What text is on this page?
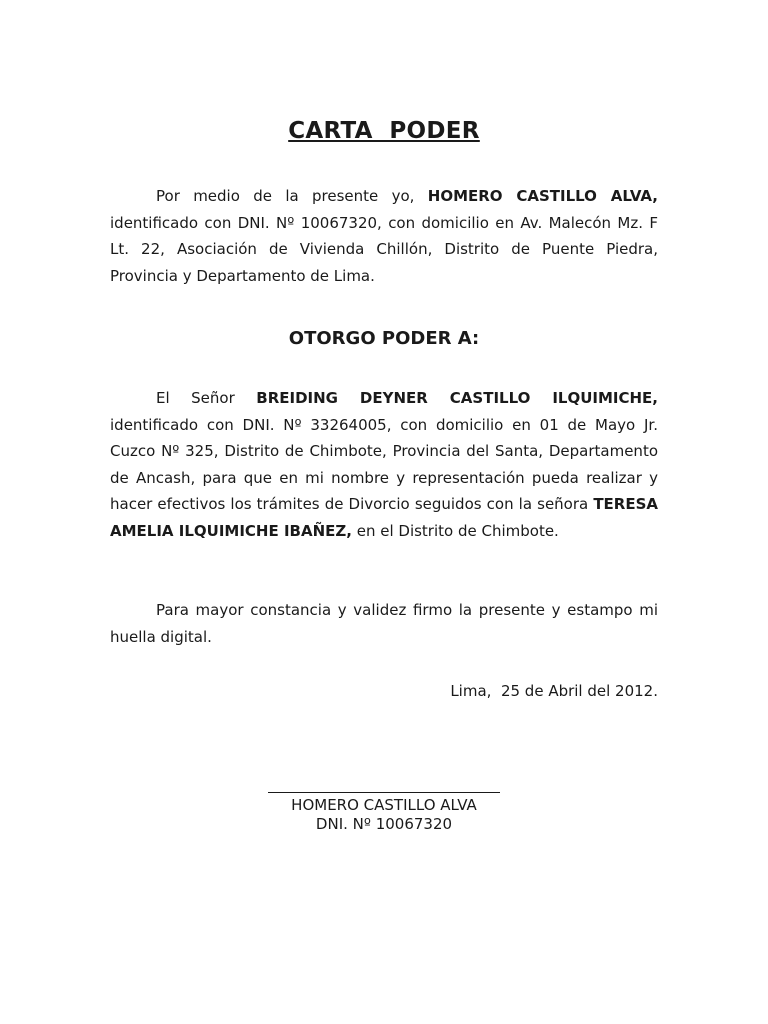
CARTA  PODER

Por medio de la presente yo, HOMERO CASTILLO ALVA, identificado con DNI. Nº 10067320, con domicilio en Av. Malecón Mz. F Lt. 22, Asociación de Vivienda Chillón, Distrito de Puente Piedra, Provincia y Departamento de Lima.

OTORGO PODER A:

El Señor BREIDING DEYNER CASTILLO ILQUIMICHE, identificado con DNI. Nº 33264005, con domicilio en 01 de Mayo Jr. Cuzco Nº 325, Distrito de Chimbote, Provincia del Santa, Departamento de Ancash, para que en mi nombre y representación pueda realizar y hacer efectivos los trámites de Divorcio seguidos con la señora TERESA AMELIA ILQUIMICHE IBAÑEZ, en el Distrito de Chimbote.

Para mayor constancia y validez firmo la presente y estampo mi huella digital.

Lima,  25 de Abril del 2012.
HOMERO CASTILLO ALVA
DNI. Nº 10067320
